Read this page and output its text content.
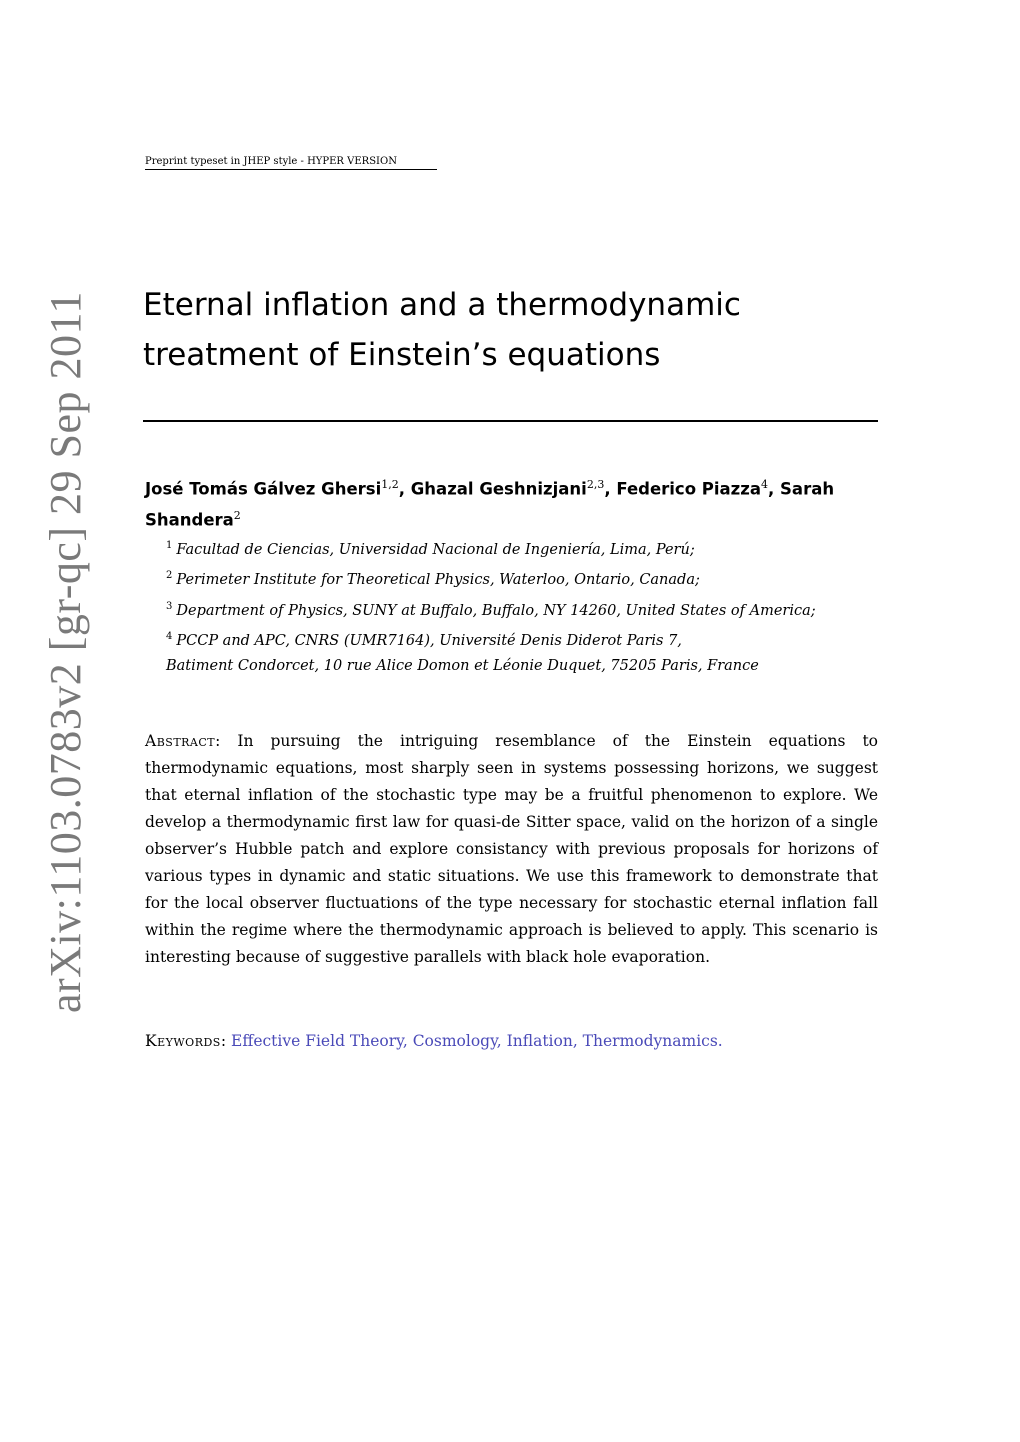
Preprint typeset in JHEP style - HYPER VERSION
arXiv:1103.0783v2 [gr-qc] 29 Sep 2011 Eternal inflation and a thermodynamic
treatment of Einstein’s equations
José Tomás Gálvez Ghersi$^{1,2}$, Ghazal Geshnizjani$^{2,3}$, Federico Piazza$^4$, Sarah Shandera$^2$
$^1$ Facultad de Ciencias, Universidad Nacional de Ingeniería, Lima, Perú;
$^2$ Perimeter Institute for Theoretical Physics, Waterloo, Ontario, Canada;
$^3$ Department of Physics, SUNY at Buffalo, Buffalo, NY 14260, United States of America;
$^4$ PCCP and APC, CNRS (UMR7164), Université Denis Diderot Paris 7,
Batiment Condorcet, 10 rue Alice Domon et Léonie Duquet, 75205 Paris, France

Abstract: In pursuing the intriguing resemblance of the Einstein equations to thermodynamic equations, most sharply seen in systems possessing horizons, we suggest that eternal inflation of the stochastic type may be a fruitful phenomenon to explore. We develop a thermodynamic first law for quasi-de Sitter space, valid on the horizon of a single observer’s Hubble patch and explore consistancy with previous proposals for horizons of various types in dynamic and static situations. We use this framework to demonstrate that for the local observer fluctuations of the type necessary for stochastic eternal inflation fall within the regime where the thermodynamic approach is believed to apply. This scenario is interesting because of suggestive parallels with black hole evaporation.

Keywords: Effective Field Theory, Cosmology, Inflation, Thermodynamics.
